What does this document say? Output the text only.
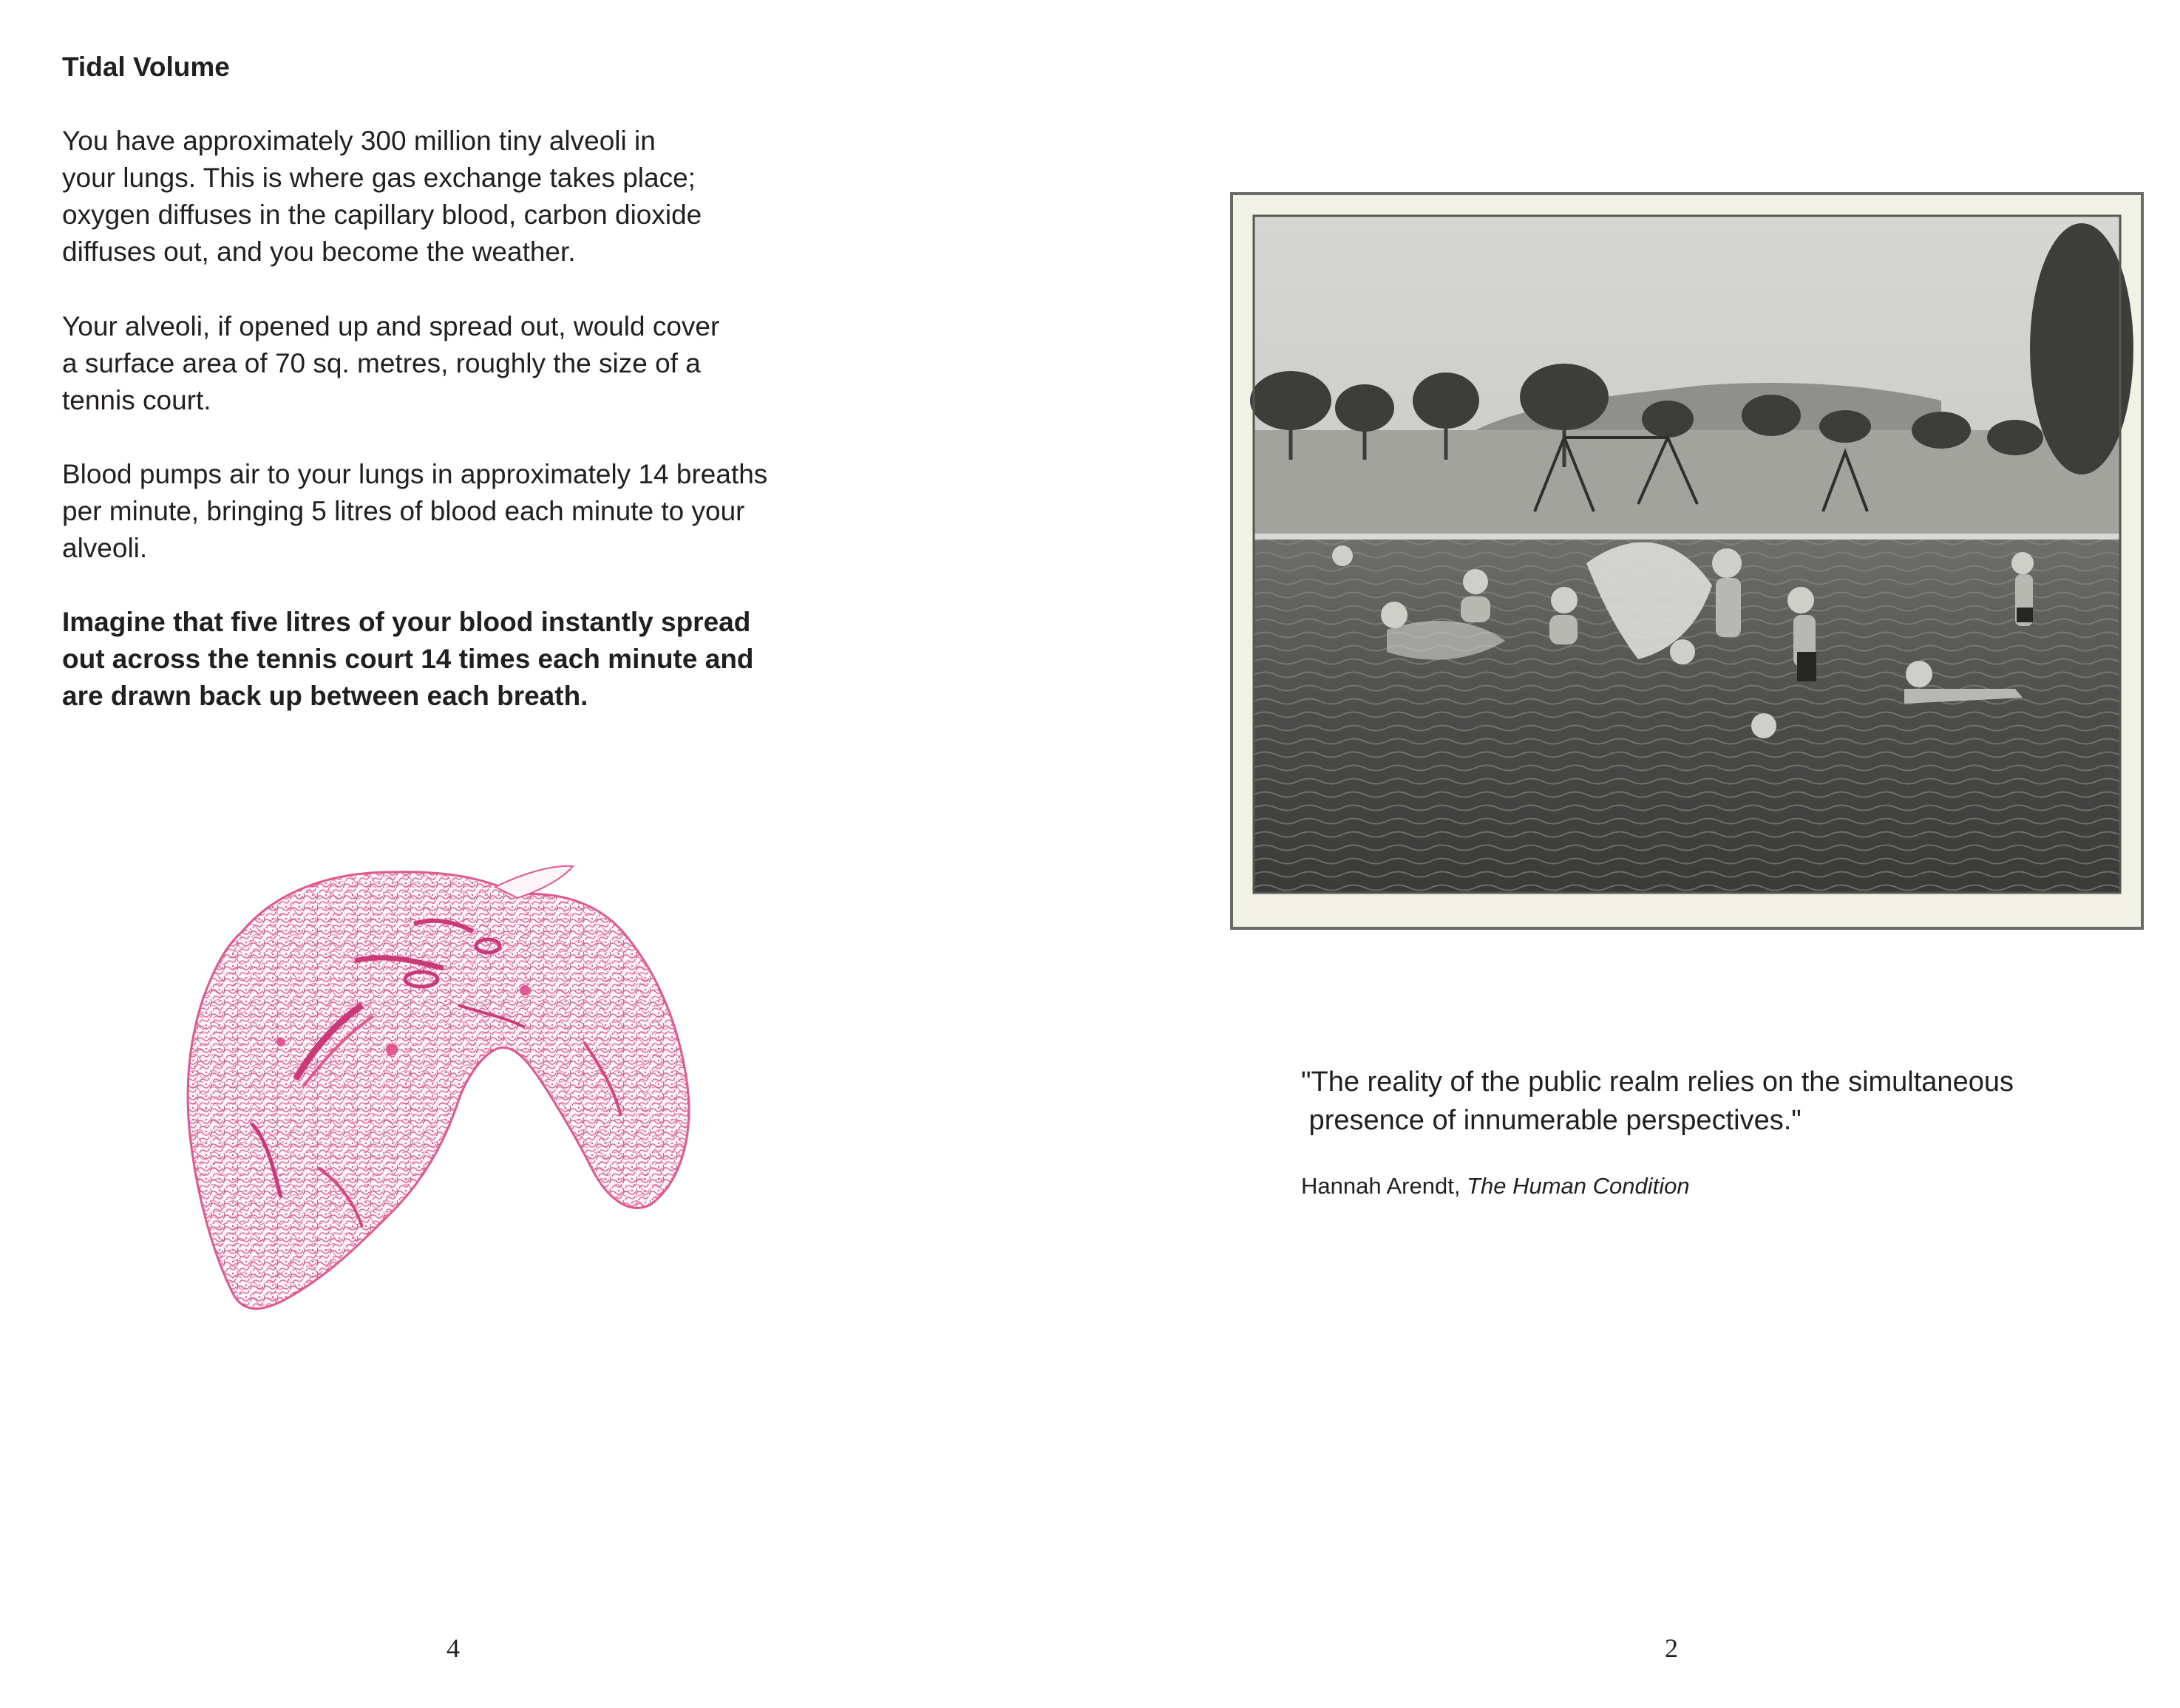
Tidal Volume

You have approximately 300 million tiny alveoli in
your lungs. This is where gas exchange takes place;
oxygen diffuses in the capillary blood, carbon dioxide
diffuses out, and you become the weather.

Your alveoli, if opened up and spread out, would cover
a surface area of 70 sq. metres, roughly the size of a
tennis court.

Blood pumps air to your lungs in approximately 14 breaths
per minute, bringing 5 litres of blood each minute to your
alveoli.

Imagine that five litres of your blood instantly spread
out across the tennis court 14 times each minute and
are drawn back up between each breath.

4

"The reality of the public realm relies on the simultaneous
presence of innumerable perspectives."

Hannah Arendt, The Human Condition

2
